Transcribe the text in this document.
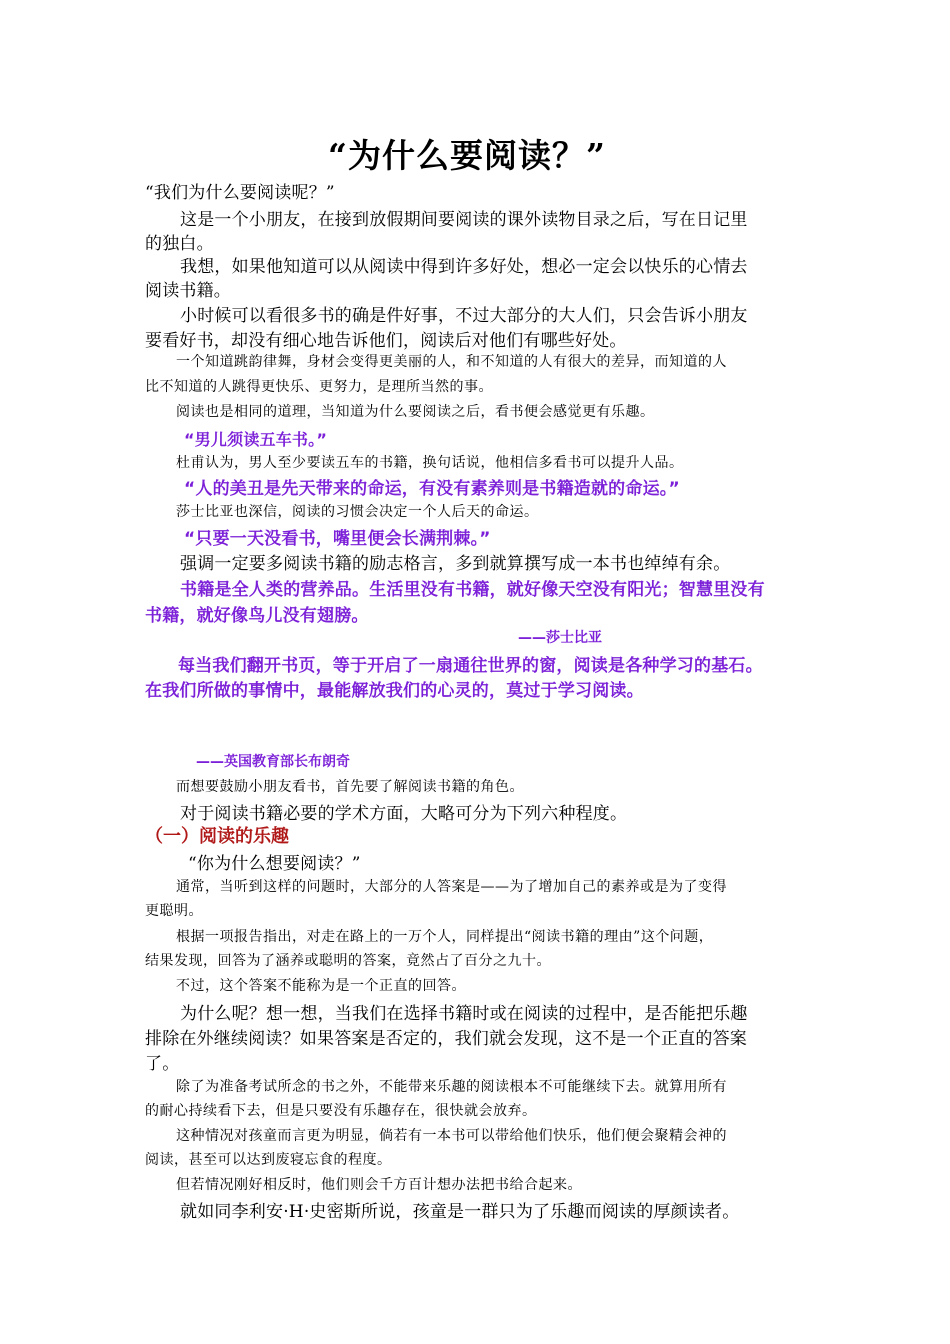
“为什么要阅读？”

“我们为什么要阅读呢？”

这是一个小朋友，在接到放假期间要阅读的课外读物目录之后，写在日记里

的独白。

我想，如果他知道可以从阅读中得到许多好处，想必一定会以快乐的心情去

阅读书籍。

小时候可以看很多书的确是件好事，不过大部分的大人们，只会告诉小朋友

要看好书，却没有细心地告诉他们，阅读后对他们有哪些好处。

一个知道跳韵律舞，身材会变得更美丽的人，和不知道的人有很大的差异，而知道的人

比不知道的人跳得更快乐、更努力，是理所当然的事。

阅读也是相同的道理，当知道为什么要阅读之后，看书便会感觉更有乐趣。

“男儿须读五车书。”

杜甫认为，男人至少要读五车的书籍，换句话说，他相信多看书可以提升人品。

“人的美丑是先天带来的命运，有没有素养则是书籍造就的命运。”

莎士比亚也深信，阅读的习惯会决定一个人后天的命运。

“只要一天没看书，嘴里便会长满荆棘。”

强调一定要多阅读书籍的励志格言，多到就算撰写成一本书也绰绰有余。

书籍是全人类的营养品。生活里没有书籍，就好像天空没有阳光；智慧里没有

书籍，就好像鸟儿没有翅膀。

——莎士比亚

每当我们翻开书页，等于开启了一扇通往世界的窗，阅读是各种学习的基石。

在我们所做的事情中，最能解放我们的心灵的，莫过于学习阅读。

——英国教育部长布朗奇

而想要鼓励小朋友看书，首先要了解阅读书籍的角色。

对于阅读书籍必要的学术方面，大略可分为下列六种程度。

（一）阅读的乐趣

“你为什么想要阅读？”

通常，当听到这样的问题时，大部分的人答案是——为了增加自己的素养或是为了变得

更聪明。

根据一项报告指出，对走在路上的一万个人，同样提出“阅读书籍的理由”这个问题，

结果发现，回答为了涵养或聪明的答案，竟然占了百分之九十。

不过，这个答案不能称为是一个正直的回答。

为什么呢？想一想，当我们在选择书籍时或在阅读的过程中，是否能把乐趣

排除在外继续阅读？如果答案是否定的，我们就会发现，这不是一个正直的答案

了。

除了为准备考试所念的书之外，不能带来乐趣的阅读根本不可能继续下去。就算用所有

的耐心持续看下去，但是只要没有乐趣存在，很快就会放弃。

这种情况对孩童而言更为明显，倘若有一本书可以带给他们快乐，他们便会聚精会神的

阅读，甚至可以达到废寝忘食的程度。

但若情况刚好相反时，他们则会千方百计想办法把书给合起来。

就如同李利安·H·史密斯所说，孩童是一群只为了乐趣而阅读的厚颜读者。
